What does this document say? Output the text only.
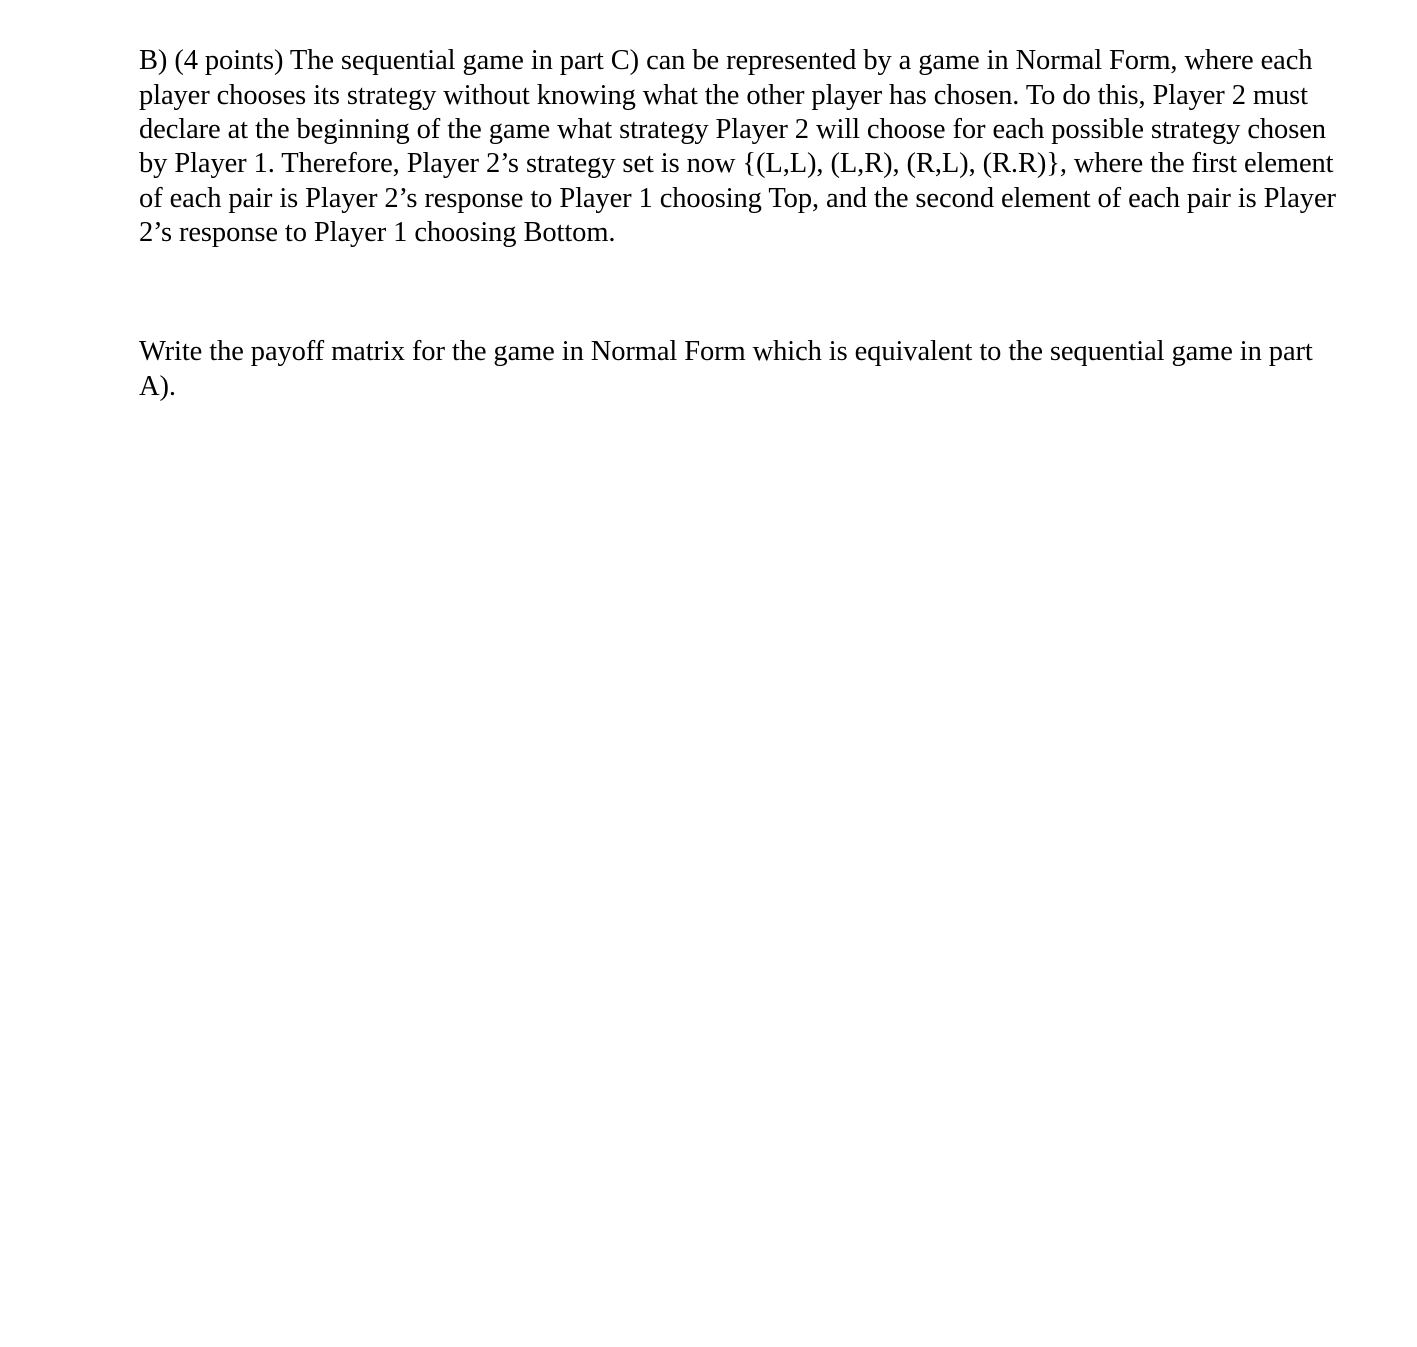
B) (4 points) The sequential game in part C) can be represented by a game in Normal Form, where each
player chooses its strategy without knowing what the other player has chosen. To do this, Player 2 must
declare at the beginning of the game what strategy Player 2 will choose for each possible strategy chosen
by Player 1. Therefore, Player 2’s strategy set is now {(L,L), (L,R), (R,L), (R.R)}, where the first element
of each pair is Player 2’s response to Player 1 choosing Top, and the second element of each pair is Player
2’s response to Player 1 choosing Bottom.
Write the payoff matrix for the game in Normal Form which is equivalent to the sequential game in part
A).
